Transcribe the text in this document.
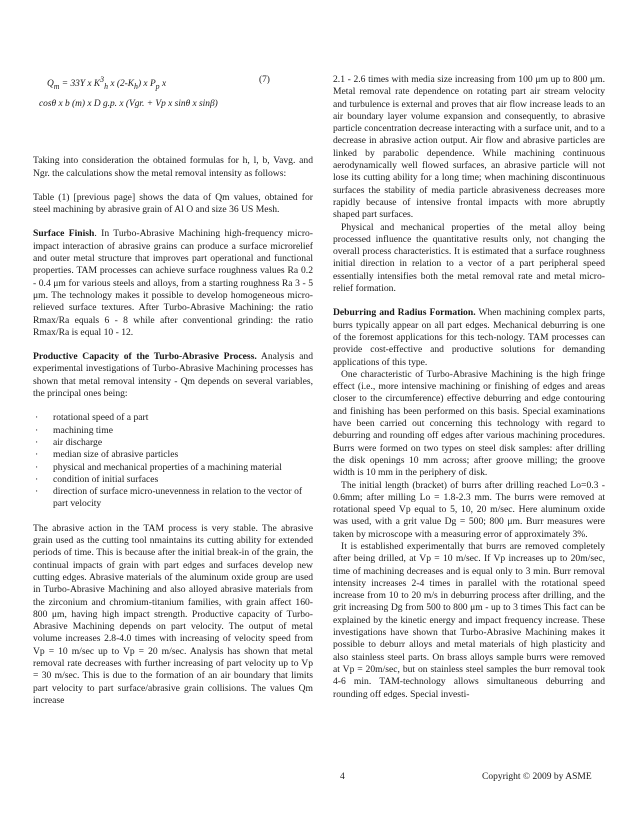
$Q_m = 33Y$ x $K^3_h$ x $(2-K_h)$ x $P_p$ x	(7)
cosθ x b (m) x D g.p. x (Vgr. + Vp x sinθ x sinβ)

Taking into consideration the obtained formulas for h, l, b, Vavg. and Ngr. the calculations show the metal removal intensity as follows:

Table (1) [previous page] shows the data of Qm values, obtained for steel machining by abrasive grain of Al O and size 36 US Mesh.

Surface Finish. In Turbo-Abrasive Machining high-frequency micro-impact interaction of abrasive grains can produce a surface microrelief and outer metal structure that improves part operational and functional properties. TAM processes can achieve surface roughness values Ra 0.2 - 0.4 μm for various steels and alloys, from a starting roughness Ra 3 - 5 μm. The technology makes it possible to develop homogeneous micro-relieved surface textures. After Turbo-Abrasive Machining: the ratio Rmax/Ra equals 6 - 8 while after conventional grinding: the ratio Rmax/Ra is equal 10 - 12.

Productive Capacity of the Turbo-Abrasive Process. Analysis and experimental investigations of Turbo-Abrasive Machining processes has shown that metal removal intensity - Qm depends on several variables, the principal ones being:

· rotational speed of a part
· machining time
· air discharge
· median size of abrasive particles
· physical and mechanical properties of a machining material
· condition of initial surfaces
· direction of surface micro-unevenness in relation to the vector of part velocity

The abrasive action in the TAM process is very stable. The abrasive grain used as the cutting tool nmaintains its cutting ability for extended periods of time. This is because after the initial break-in of the grain, the continual impacts of grain with part edges and surfaces develop new cutting edges. Abrasive materials of the aluminum oxide group are used in Turbo-Abrasive Machining and also alloyed abrasive materials from the zirconium and chromium-titanium families, with grain affect 160-800 μm, having high impact strength. Productive capacity of Turbo-Abrasive Machining depends on part velocity. The output of metal volume increases 2.8-4.0 times with increasing of velocity speed from Vp = 10 m/sec up to Vp = 20 m/sec. Analysis has shown that metal removal rate decreases with further increasing of part velocity up to Vp = 30 m/sec. This is due to the formation of an air boundary that limits part velocity to part surface/abrasive grain collisions. The values Qm increase

2.1 - 2.6 times with media size increasing from 100 μm up to 800 μm. Metal removal rate dependence on rotating part air stream velocity and turbulence is external and proves that air flow increase leads to an air boundary layer volume expansion and consequently, to abrasive particle concentration decrease interacting with a surface unit, and to a decrease in abrasive action output. Air flow and abrasive particles are linked by parabolic dependence. While machining continuous aerodynamically well flowed surfaces, an abrasive particle will not lose its cutting ability for a long time; when machining discontinuous surfaces the stability of media particle abrasiveness decreases more rapidly because of intensive frontal impacts with more abruptly shaped part surfaces.

Physical and mechanical properties of the metal alloy being processed influence the quantitative results only, not changing the overall process characteristics. It is estimated that a surface roughness initial direction in relation to a vector of a part peripheral speed essentially intensifies both the metal removal rate and metal micro-relief formation.

Deburring and Radius Formation. When machining complex parts, burrs typically appear on all part edges. Mechanical deburring is one of the foremost applications for this tech-nology. TAM processes can provide cost-effective and productive solutions for demanding applications of this type.

One characteristic of Turbo-Abrasive Machining is the high fringe effect (i.e., more intensive machining or finishing of edges and areas closer to the circumference) effective deburring and edge contouring and finishing has been performed on this basis. Special examinations have been carried out concerning this technology with regard to deburring and rounding off edges after various machining procedures. Burrs were formed on two types on steel disk samples: after drilling the disk openings 10 mm across; after groove milling; the groove width is 10 mm in the periphery of disk.

The initial length (bracket) of burrs after drilling reached Lo=0.3 - 0.6mm; after milling Lo = 1.8-2.3 mm. The burrs were removed at rotational speed Vp equal to 5, 10, 20 m/sec. Here aluminum oxide was used, with a grit value Dg = 500; 800 μm. Burr measures were taken by microscope with a measuring error of approximately 3%.

It is established experimentally that burrs are removed completely after being drilled, at Vp = 10 m/sec. If Vp increases up to 20m/sec, time of machining decreases and is equal only to 3 min. Burr removal intensity increases 2-4 times in parallel with the rotational speed increase from 10 to 20 m/s in deburring process after drilling, and the grit increasing Dg from 500 to 800 μm - up to 3 times This fact can be explained by the kinetic energy and impact frequency increase. These investigations have shown that Turbo-Abrasive Machining makes it possible to deburr alloys and metal materials of high plasticity and also stainless steel parts. On brass alloys sample burrs were removed at Vp = 20m/sec, but on stainless steel samples the burr removal took 4-6 min. TAM-technology allows simultaneous deburring and rounding off edges. Special investi-

4	Copyright © 2009 by ASME
